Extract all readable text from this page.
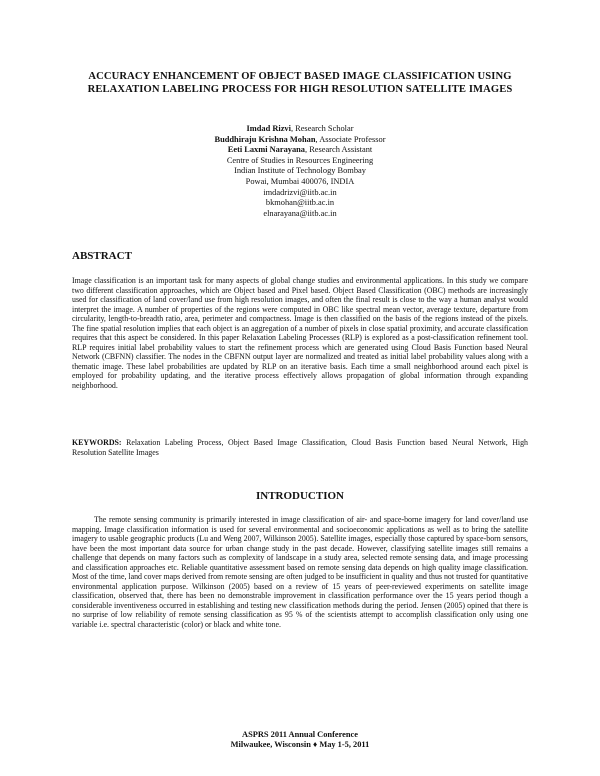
ACCURACY ENHANCEMENT OF OBJECT BASED IMAGE CLASSIFICATION USING RELAXATION LABELING PROCESS FOR HIGH RESOLUTION SATELLITE IMAGES
Imdad Rizvi, Research Scholar
Buddhiraju Krishna Mohan, Associate Professor
Eeti Laxmi Narayana, Research Assistant
Centre of Studies in Resources Engineering
Indian Institute of Technology Bombay
Powai, Mumbai 400076, INDIA
imdadrizvi@iitb.ac.in
bkmohan@iitb.ac.in
elnarayana@iitb.ac.in
ABSTRACT
Image classification is an important task for many aspects of global change studies and environmental applications. In this study we compare two different classification approaches, which are Object based and Pixel based. Object Based Classification (OBC) methods are increasingly used for classification of land cover/land use from high resolution images, and often the final result is close to the way a human analyst would interpret the image. A number of properties of the regions were computed in OBC like spectral mean vector, average texture, departure from circularity, length-to-breadth ratio, area, perimeter and compactness. Image is then classified on the basis of the regions instead of the pixels. The fine spatial resolution implies that each object is an aggregation of a number of pixels in close spatial proximity, and accurate classification requires that this aspect be considered. In this paper Relaxation Labeling Processes (RLP) is explored as a post-classification refinement tool. RLP requires initial label probability values to start the refinement process which are generated using Cloud Basis Function based Neural Network (CBFNN) classifier. The nodes in the CBFNN output layer are normalized and treated as initial label probability values along with a thematic image. These label probabilities are updated by RLP on an iterative basis. Each time a small neighborhood around each pixel is employed for probability updating, and the iterative process effectively allows propagation of global information through expanding neighborhood.
KEYWORDS: Relaxation Labeling Process, Object Based Image Classification, Cloud Basis Function based Neural Network, High Resolution Satellite Images
INTRODUCTION
The remote sensing community is primarily interested in image classification of air- and space-borne imagery for land cover/land use mapping. Image classification information is used for several environmental and socioeconomic applications as well as to bring the satellite imagery to usable geographic products (Lu and Weng 2007, Wilkinson 2005). Satellite images, especially those captured by space-born sensors, have been the most important data source for urban change study in the past decade. However, classifying satellite images still remains a challenge that depends on many factors such as complexity of landscape in a study area, selected remote sensing data, and image processing and classification approaches etc. Reliable quantitative assessment based on remote sensing data depends on high quality image classification. Most of the time, land cover maps derived from remote sensing are often judged to be insufficient in quality and thus not trusted for quantitative environmental application purpose. Wilkinson (2005) based on a review of 15 years of peer-reviewed experiments on satellite image classification, observed that, there has been no demonstrable improvement in classification performance over the 15 years period though a considerable inventiveness occurred in establishing and testing new classification methods during the period. Jensen (2005) opined that there is no surprise of low reliability of remote sensing classification as 95 % of the scientists attempt to accomplish classification only using one variable i.e. spectral characteristic (color) or black and white tone.
ASPRS 2011 Annual Conference
Milwaukee, Wisconsin ♦ May 1-5, 2011
